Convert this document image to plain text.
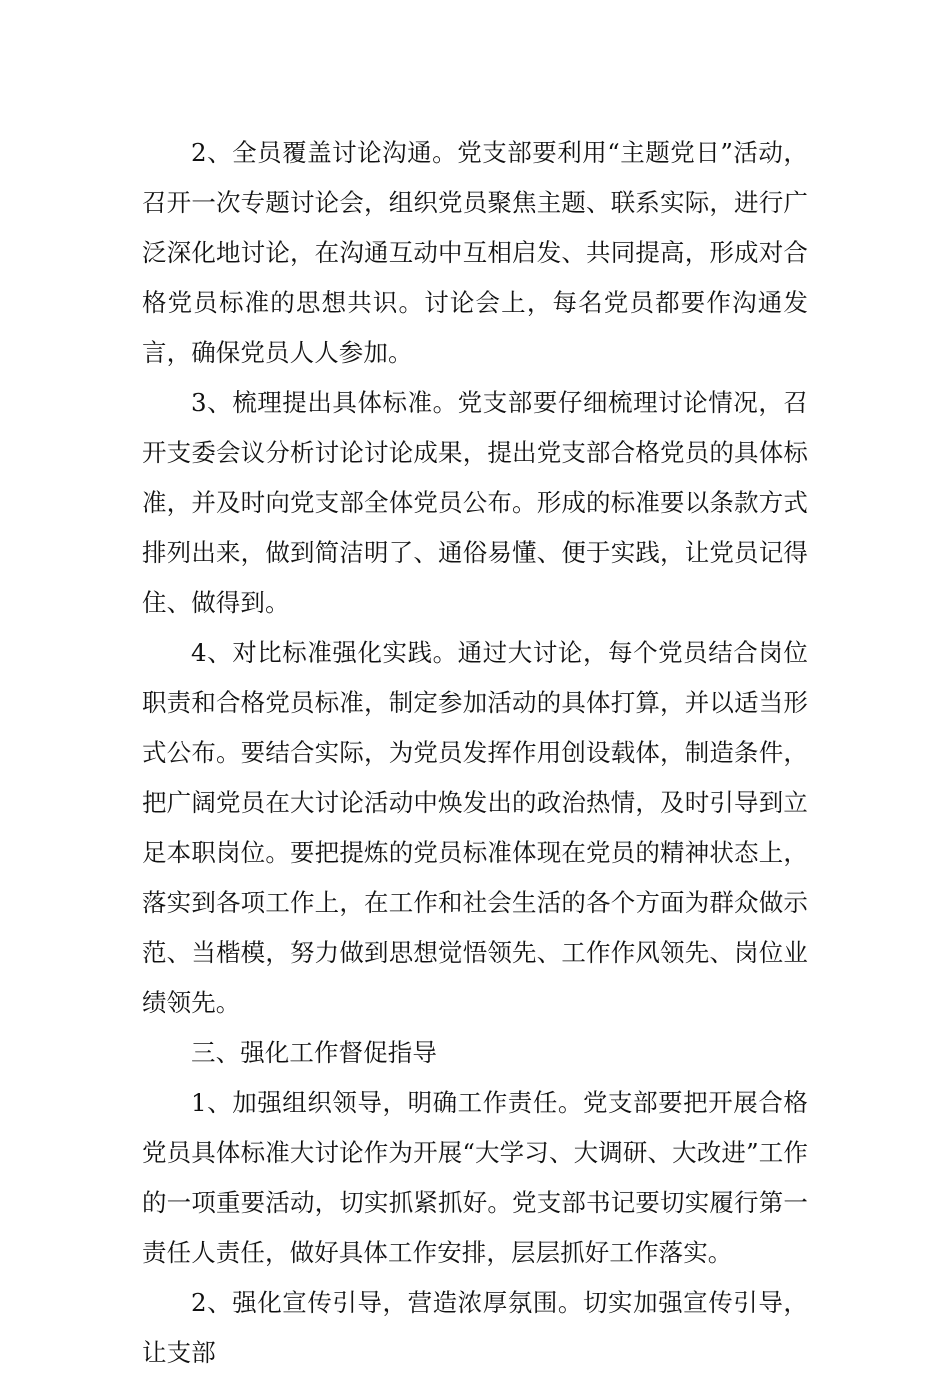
2、全员覆盖讨论沟通。党支部要利用“主题党日”活动，召开一次专题讨论会，组织党员聚焦主题、联系实际，进行广泛深化地讨论，在沟通互动中互相启发、共同提高，形成对合格党员标准的思想共识。讨论会上，每名党员都要作沟通发言，确保党员人人参加。

3、梳理提出具体标准。党支部要仔细梳理讨论情况，召开支委会议分析讨论讨论成果，提出党支部合格党员的具体标准，并及时向党支部全体党员公布。形成的标准要以条款方式排列出来，做到简洁明了、通俗易懂、便于实践，让党员记得住、做得到。

4、对比标准强化实践。通过大讨论，每个党员结合岗位职责和合格党员标准，制定参加活动的具体打算，并以适当形式公布。要结合实际，为党员发挥作用创设载体，制造条件，把广阔党员在大讨论活动中焕发出的政治热情，及时引导到立足本职岗位。要把提炼的党员标准体现在党员的精神状态上，落实到各项工作上，在工作和社会生活的各个方面为群众做示范、当楷模，努力做到思想觉悟领先、工作作风领先、岗位业绩领先。

三、强化工作督促指导

1、加强组织领导，明确工作责任。党支部要把开展合格党员具体标准大讨论作为开展“大学习、大调研、大改进”工作的一项重要活动，切实抓紧抓好。党支部书记要切实履行第一责任人责任，做好具体工作安排，层层抓好工作落实。

2、强化宣传引导，营造浓厚氛围。切实加强宣传引导，让支部
